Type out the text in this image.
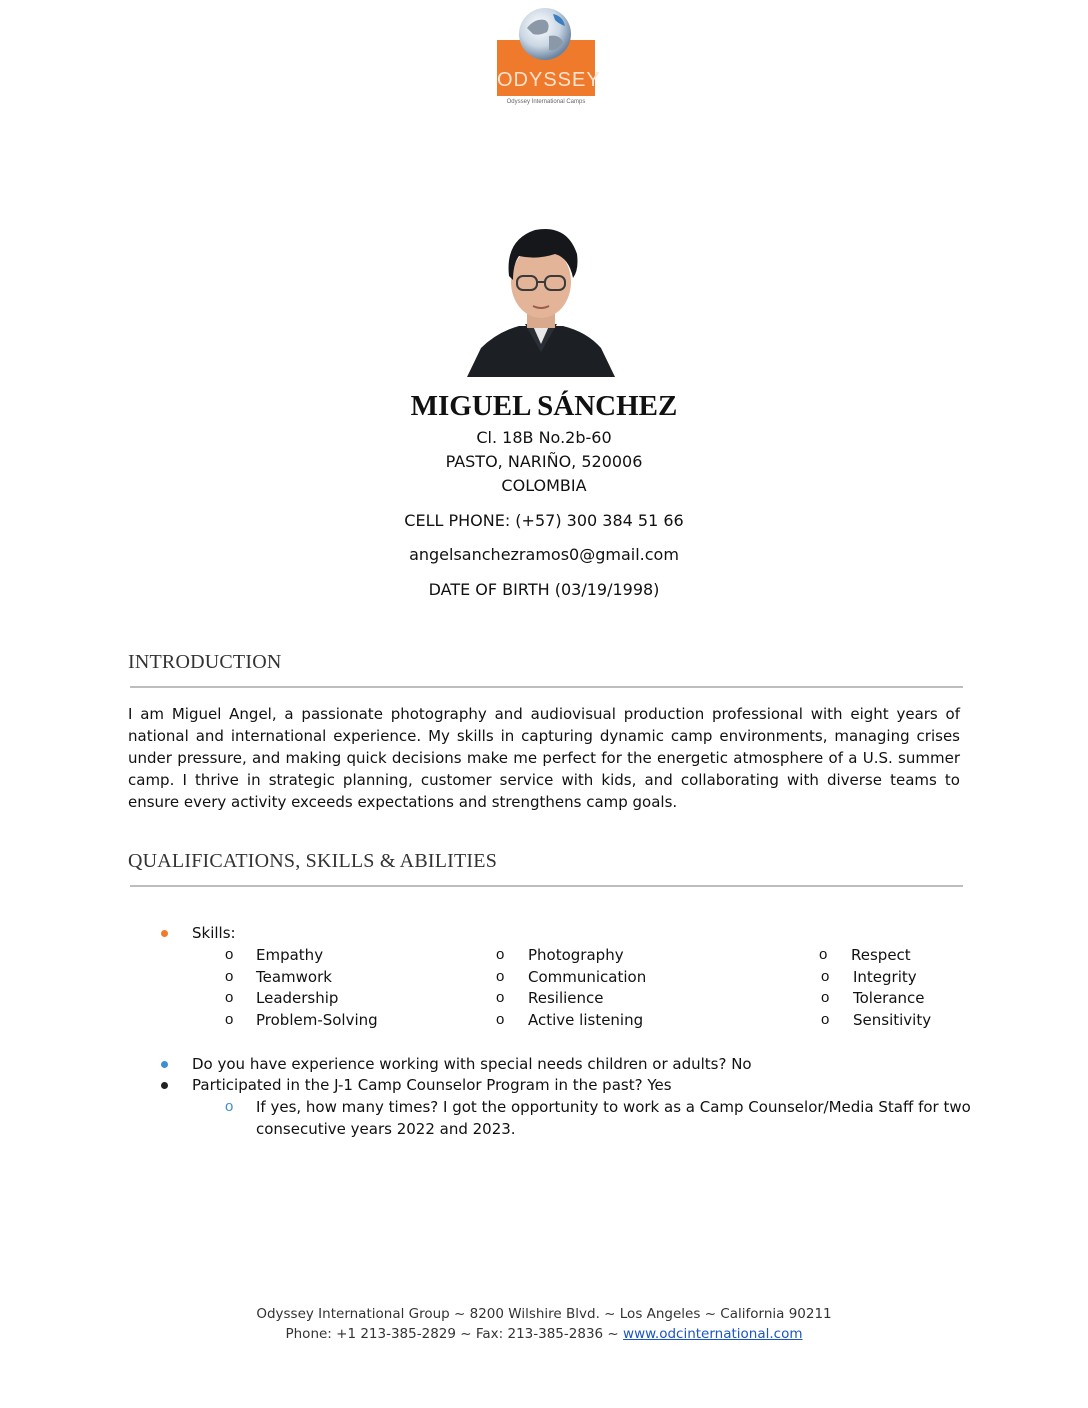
ODYSSEY
Odyssey International Camps
MIGUEL SÁNCHEZ
Cl. 18B No.2b-60
PASTO, NARIÑO, 520006
COLOMBIA
CELL PHONE: (+57) 300 384 51 66
angelsanchezramos0@gmail.com
DATE OF BIRTH (03/19/1998)
INTRODUCTION

I am Miguel Angel, a passionate photography and audiovisual production professional with eight years of national and international experience. My skills in capturing dynamic camp environments, managing crises under pressure, and making quick decisions make me perfect for the energetic atmosphere of a U.S. summer camp. I thrive in strategic planning, customer service with kids, and collaborating with diverse teams to ensure every activity exceeds expectations and strengthens camp goals.

QUALIFICATIONS, SKILLS & ABILITIES
Skills:
o Empathy
o Teamwork
o Leadership
o Problem-Solving
o Photography
o Communication
o Resilience
o Active listening
o Respect
o Integrity
o Tolerance
o Sensitivity
Do you have experience working with special needs children or adults? No
Participated in the J-1 Camp Counselor Program in the past? Yes
o If yes, how many times? I got the opportunity to work as a Camp Counselor/Media Staff for two
consecutive years 2022 and 2023.
Odyssey International Group ~ 8200 Wilshire Blvd. ~ Los Angeles ~ California 90211
Phone: +1 213-385-2829 ~ Fax: 213-385-2836 ~ www.odcinternational.com
